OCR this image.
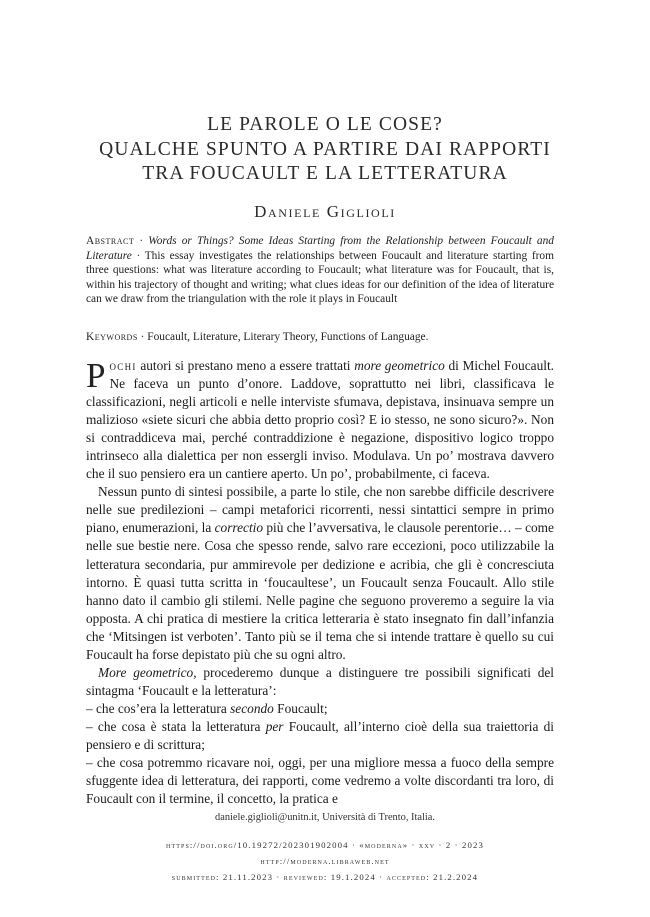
LE PAROLE O LE COSE?
QUALCHE SPUNTO A PARTIRE DAI RAPPORTI
TRA FOUCAULT E LA LETTERATURA
Daniele Giglioli
Abstract · Words or Things? Some Ideas Starting from the Relationship between Foucault and Literature · This essay investigates the relationships between Foucault and literature starting from three questions: what was literature according to Foucault; what literature was for Foucault, that is, within his trajectory of thought and writing; what clues ideas for our definition of the idea of literature can we draw from the triangulation with the role it plays in Foucault
Keywords · Foucault, Literature, Literary Theory, Functions of Language.

Pochi autori si prestano meno a essere trattati more geometrico di Michel Foucault. Ne faceva un punto d’onore. Laddove, soprattutto nei libri, classificava le classificazioni, negli articoli e nelle interviste sfumava, depistava, insinuava sempre un malizioso «siete sicuri che abbia detto proprio così? E io stesso, ne sono sicuro?». Non si contraddiceva mai, perché contraddizione è negazione, dispositivo logico troppo intrinseco alla dialettica per non essergli inviso. Modulava. Un po’ mostrava davvero che il suo pensiero era un cantiere aperto. Un po’, probabilmente, ci faceva.

Nessun punto di sintesi possibile, a parte lo stile, che non sarebbe difficile descrivere nelle sue predilezioni – campi metaforici ricorrenti, nessi sintattici sempre in primo piano, enumerazioni, la correctio più che l’avversativa, le clausole perentorie… – come nelle sue bestie nere. Cosa che spesso rende, salvo rare eccezioni, poco utilizzabile la letteratura secondaria, pur ammirevole per dedizione e acribia, che gli è concresciuta intorno. È quasi tutta scritta in ‘foucaultese’, un Foucault senza Foucault. Allo stile hanno dato il cambio gli stilemi. Nelle pagine che seguono proveremo a seguire la via opposta. A chi pratica di mestiere la critica letteraria è stato insegnato fin dall’infanzia che ‘Mitsingen ist verboten’. Tanto più se il tema che si intende trattare è quello su cui Foucault ha forse depistato più che su ogni altro.

More geometrico, procederemo dunque a distinguere tre possibili significati del sintagma ‘Foucault e la letteratura’:

– che cos’era la letteratura secondo Foucault;

– che cosa è stata la letteratura per Foucault, all’interno cioè della sua traiettoria di pensiero e di scrittura;

– che cosa potremmo ricavare noi, oggi, per una migliore messa a fuoco della sempre sfuggente idea di letteratura, dei rapporti, come vedremo a volte discordanti tra loro, di Foucault con il termine, il concetto, la pratica e

daniele.giglioli@unitn.it, Università di Trento, Italia.
https://doi.org/10.19272/202301902004 · «moderna» · xxv · 2 · 2023
http://moderna.libraweb.net
submitted: 21.11.2023 · reviewed: 19.1.2024 · accepted: 21.2.2024
